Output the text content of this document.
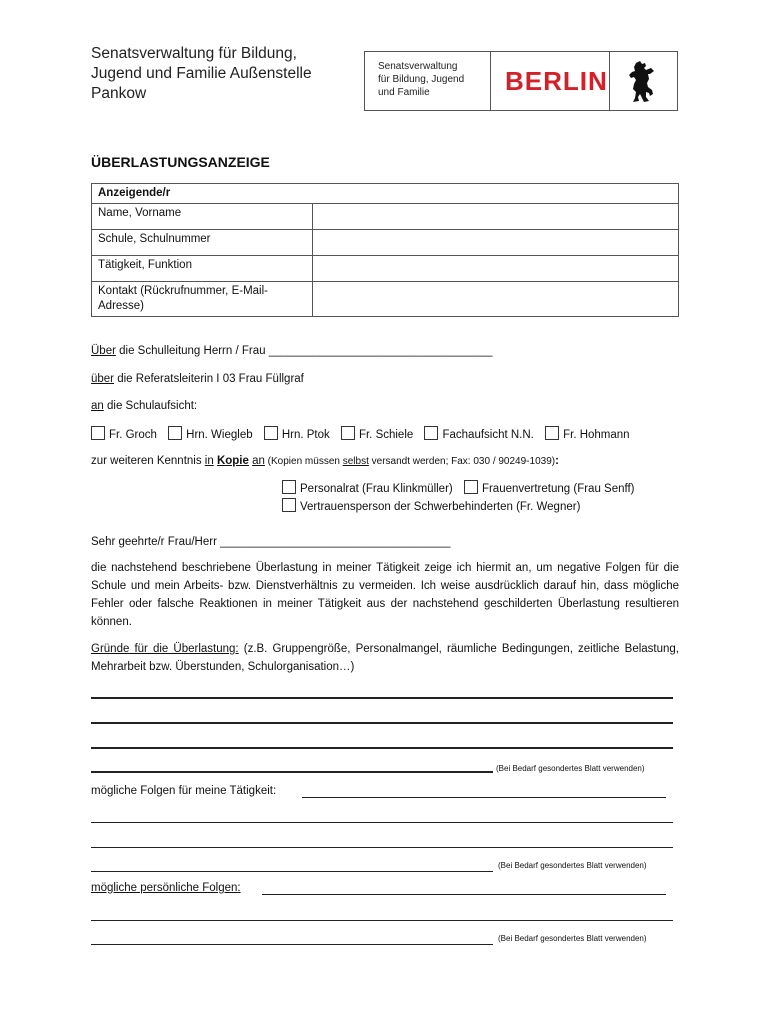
Senatsverwaltung für Bildung,
Jugend und Familie Außenstelle
Pankow
Senatsverwaltung
für Bildung, Jugend
und Familie	BERLIN
ÜBERLASTUNGSANZEIGE
Anzeigende/r	
Name, Vorname	
Schule, Schulnummer	
Tätigkeit, Funktion	
Kontakt (Rückrufnummer, E-Mail-Adresse)	
Über die Schulleitung Herrn / Frau ___________________________________
über die Referatsleiterin I 03 Frau Füllgraf
an die Schulaufsicht:
Fr. Groch	Hrn. Wiegleb	Hrn. Ptok	Fr. Schiele	Fachaufsicht N.N.	Fr. Hohmann
zur weiteren Kenntnis in Kopie an (Kopien müssen selbst versandt werden; Fax: 030 / 90249-1039):
Personalrat (Frau Klinkmüller)	Frauenvertretung (Frau Senff)
Vertrauensperson der Schwerbehinderten (Fr. Wegner)
Sehr geehrte/r Frau/Herr ____________________________________
die nachstehend beschriebene Überlastung in meiner Tätigkeit zeige ich hiermit an, um negative Folgen für die Schule und mein Arbeits- bzw. Dienstverhältnis zu vermeiden. Ich weise ausdrücklich darauf hin, dass mögliche Fehler oder falsche Reaktionen in meiner Tätigkeit aus der nachstehend geschilderten Überlastung resultieren können.
Gründe für die Überlastung: (z.B. Gruppengröße, Personalmangel, räumliche Bedingungen, zeitliche Belastung, Mehrarbeit bzw. Überstunden, Schulorganisation…)
(Bei Bedarf gesondertes Blatt verwenden)
mögliche Folgen für meine Tätigkeit:
(Bei Bedarf gesondertes Blatt verwenden)
mögliche persönliche Folgen:
(Bei Bedarf gesondertes Blatt verwenden)
